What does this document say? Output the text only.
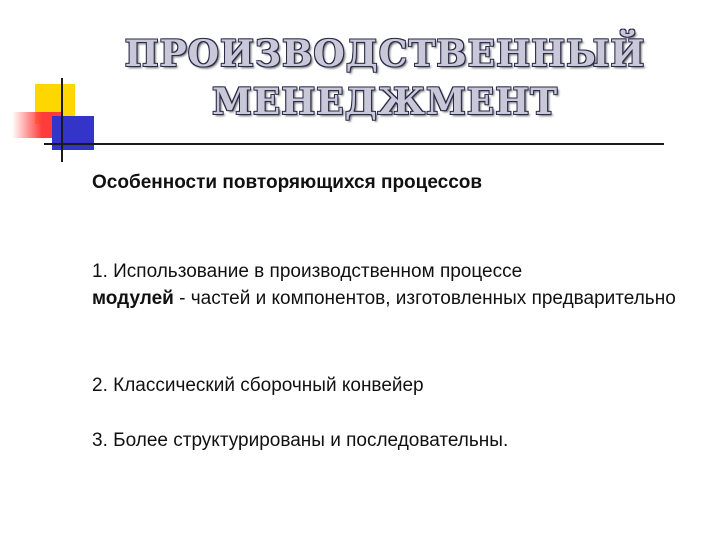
ПРОИЗВОДСТВЕННЫЙ
МЕНЕДЖМЕНТ
Особенности повторяющихся процессов
1. Использование в производственном процессе
модулей - частей и компонентов, изготовленных предварительно
2. Классический сборочный конвейер
3. Более структурированы и последовательны.
